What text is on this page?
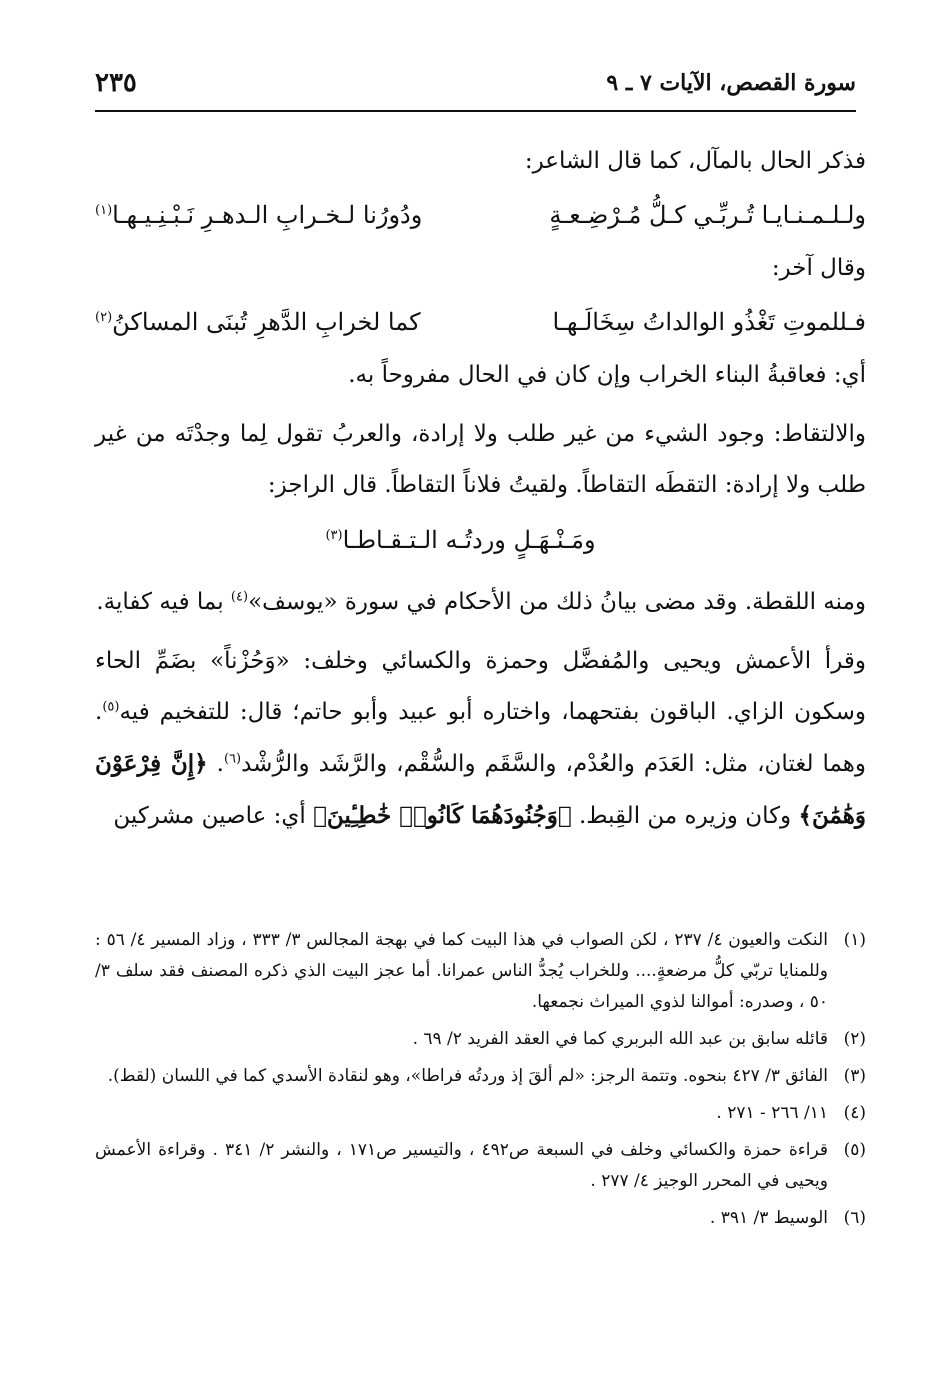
سورة القصص، الآيات ٧ ـ ٩
٢٣٥

فذكر الحال بالمآل، كما قال الشاعر:

ولـلـمـنـايـا تُـربِّـي كـلُّ مُـرْضِـعـةٍ
ودُورُنا لـخـرابِ الـدهـرِ نَـبْـنِـيـهـا$^{(١)}$

وقال آخر:

فـللموتِ تَغْذُو الوالداتُ سِخَالَـهـا
كما لخرابِ الدَّهرِ تُبنَى المساكنُ$^{(٢)}$

أي: فعاقبةُ البناء الخراب وإن كان في الحال مفروحاً به.

والالتقاط: وجود الشيء من غير طلب ولا إرادة، والعربُ تقول لِما وجدْتَه من غير طلب ولا إرادة: التقطَه التقاطاً. ولقيتُ فلاناً التقاطاً. قال الراجز:

ومَـنْـهَـلٍ وردتُـه الـتـقـاطـا$^{(٣)}$

ومنه اللقطة. وقد مضى بيانُ ذلك من الأحكام في سورة «يوسف»$^{(٤)}$ بما فيه كفاية.

وقرأ الأعمش ويحيى والمُفضَّل وحمزة والكسائي وخلف: «وَحُزْناً» بضَمِّ الحاء وسكون الزاي. الباقون بفتحهما، واختاره أبو عبيد وأبو حاتم؛ قال: للتفخيم فيه$^{(٥)}$. وهما لغتان، مثل: العَدَم والعُدْم، والسَّقَم والسُّقْم، والرَّشَد والرُّشْد$^{(٦)}$. ﴿إِنَّ فِرْعَوْنَ وَهَٰمَٰنَ﴾ وكان وزيره من القِبط. ﴿وَجُنُودَهُمَا كَانُوا۟ خَٰطِـِٔينَ﴾ أي: عاصين مشركين

(١)
النكت والعيون ٤/ ٢٣٧ ، لكن الصواب في هذا البيت كما في بهجة المجالس ٣/ ٣٣٣ ، وزاد المسير ٤/ ٥٦ : وللمنايا تربّي كلُّ مرضعةٍ.... وللخراب يُجدُّ الناس عمرانا. أما عجز البيت الذي ذكره المصنف فقد سلف ٣/ ٥٠ ، وصدره: أموالنا لذوي الميراث نجمعها.
(٢)
قائله سابق بن عبد الله البربري كما في العقد الفريد ٢/ ٦٩ .
(٣)
الفائق ٣/ ٤٢٧ بنحوه. وتتمة الرجز: «لم ألقَ إذ وردتُه فراطا»، وهو لنقادة الأسدي كما في اللسان (لقط).
(٤)
١١/ ٢٦٦ - ٢٧١ .
(٥)
قراءة حمزة والكسائي وخلف في السبعة ص٤٩٢ ، والتيسير ص١٧١ ، والنشر ٢/ ٣٤١ . وقراءة الأعمش ويحيى في المحرر الوجيز ٤/ ٢٧٧ .
(٦)
الوسيط ٣/ ٣٩١ .
